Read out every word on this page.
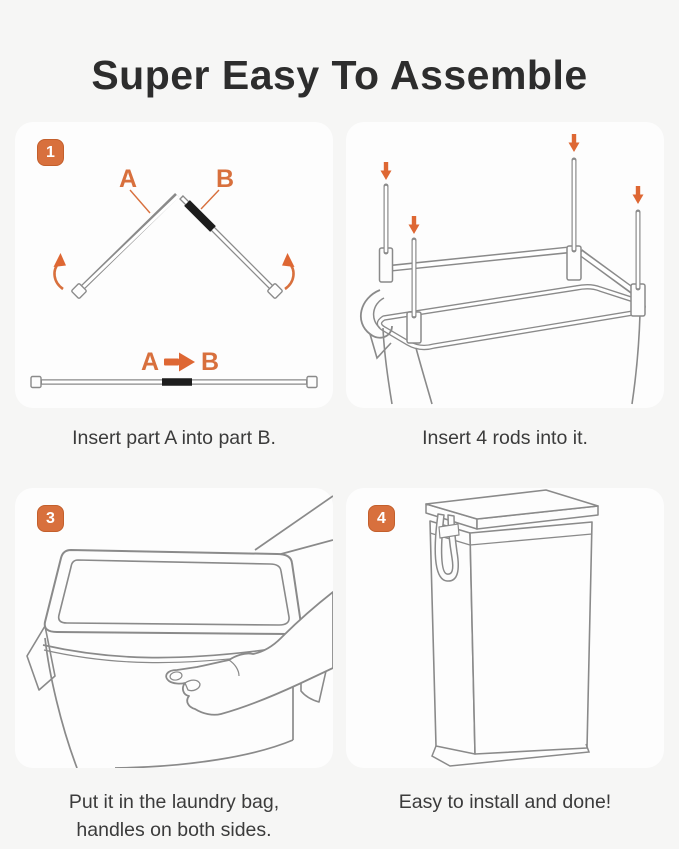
Super Easy To Assemble
A	B
A B
1
3	4
Insert part A into part B.	Insert 4 rods into it.
Put it in the laundry bag,
handles on both sides.
Easy to install and done!
